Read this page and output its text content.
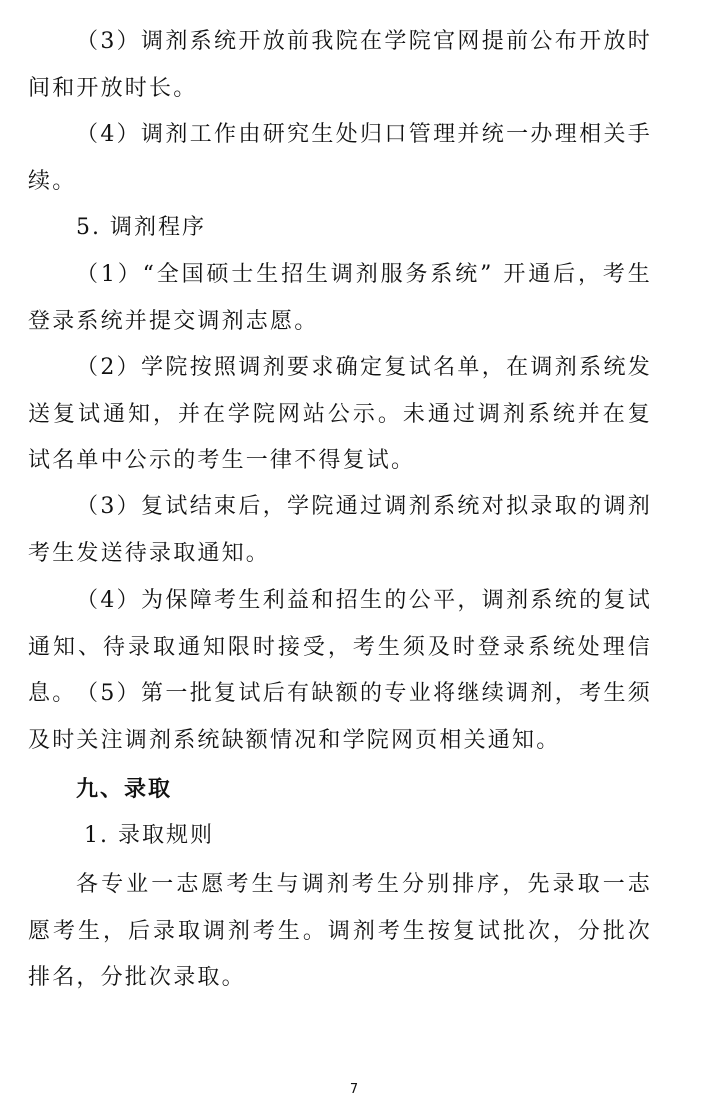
（3）调剂系统开放前我院在学院官网提前公布开放时间和开放时长。

（4）调剂工作由研究生处归口管理并统一办理相关手续。

5. 调剂程序

（1）“全国硕士生招生调剂服务系统” 开通后，考生登录系统并提交调剂志愿。

（2）学院按照调剂要求确定复试名单，在调剂系统发送复试通知，并在学院网站公示。未通过调剂系统并在复试名单中公示的考生一律不得复试。

（3）复试结束后，学院通过调剂系统对拟录取的调剂考生发送待录取通知。

（4）为保障考生利益和招生的公平，调剂系统的复试通知、待录取通知限时接受，考生须及时登录系统处理信息。 （5）第一批复试后有缺额的专业将继续调剂，考生须及时关注调剂系统缺额情况和学院网页相关通知。

九、录取

1. 录取规则

各专业一志愿考生与调剂考生分别排序，先录取一志愿考生，后录取调剂考生。调剂考生按复试批次，分批次排名，分批次录取。

7
